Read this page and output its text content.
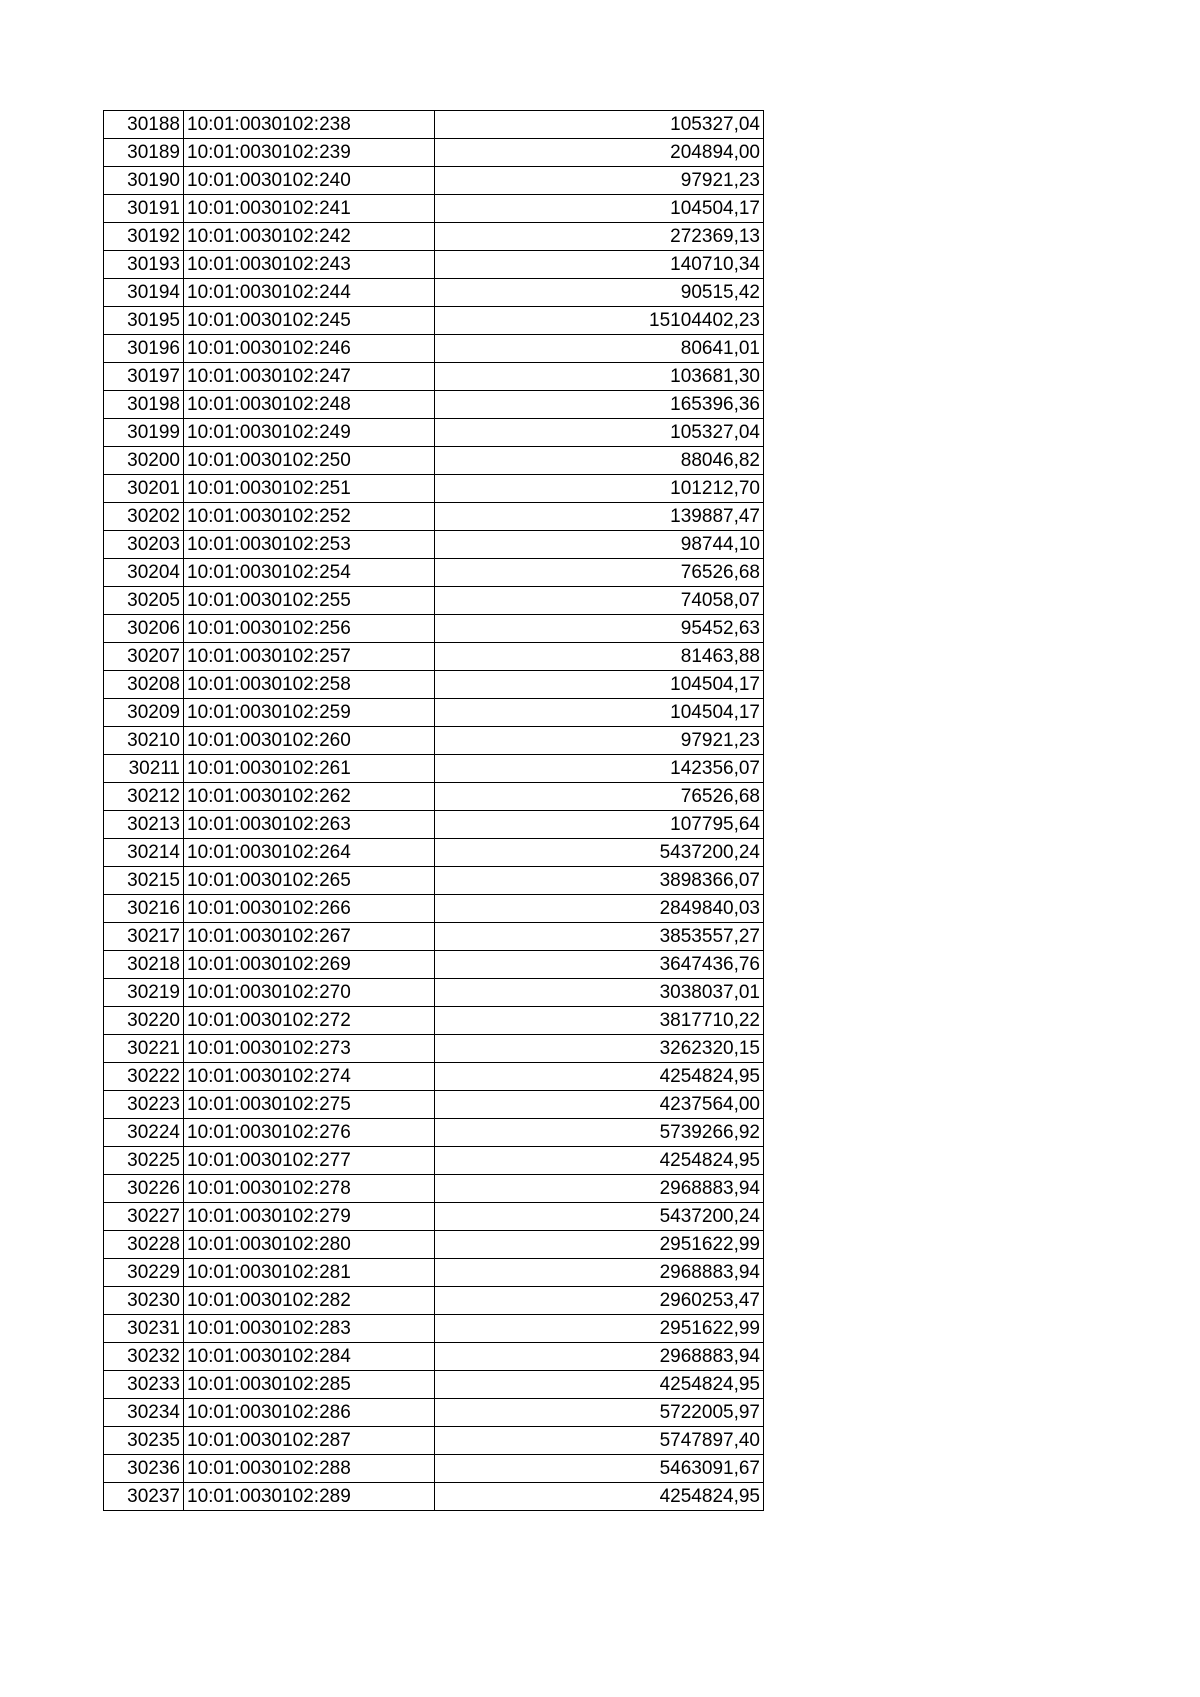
30188	10:01:0030102:238	105327,04
30189	10:01:0030102:239	204894,00
30190	10:01:0030102:240	97921,23
30191	10:01:0030102:241	104504,17
30192	10:01:0030102:242	272369,13
30193	10:01:0030102:243	140710,34
30194	10:01:0030102:244	90515,42
30195	10:01:0030102:245	15104402,23
30196	10:01:0030102:246	80641,01
30197	10:01:0030102:247	103681,30
30198	10:01:0030102:248	165396,36
30199	10:01:0030102:249	105327,04
30200	10:01:0030102:250	88046,82
30201	10:01:0030102:251	101212,70
30202	10:01:0030102:252	139887,47
30203	10:01:0030102:253	98744,10
30204	10:01:0030102:254	76526,68
30205	10:01:0030102:255	74058,07
30206	10:01:0030102:256	95452,63
30207	10:01:0030102:257	81463,88
30208	10:01:0030102:258	104504,17
30209	10:01:0030102:259	104504,17
30210	10:01:0030102:260	97921,23
30211	10:01:0030102:261	142356,07
30212	10:01:0030102:262	76526,68
30213	10:01:0030102:263	107795,64
30214	10:01:0030102:264	5437200,24
30215	10:01:0030102:265	3898366,07
30216	10:01:0030102:266	2849840,03
30217	10:01:0030102:267	3853557,27
30218	10:01:0030102:269	3647436,76
30219	10:01:0030102:270	3038037,01
30220	10:01:0030102:272	3817710,22
30221	10:01:0030102:273	3262320,15
30222	10:01:0030102:274	4254824,95
30223	10:01:0030102:275	4237564,00
30224	10:01:0030102:276	5739266,92
30225	10:01:0030102:277	4254824,95
30226	10:01:0030102:278	2968883,94
30227	10:01:0030102:279	5437200,24
30228	10:01:0030102:280	2951622,99
30229	10:01:0030102:281	2968883,94
30230	10:01:0030102:282	2960253,47
30231	10:01:0030102:283	2951622,99
30232	10:01:0030102:284	2968883,94
30233	10:01:0030102:285	4254824,95
30234	10:01:0030102:286	5722005,97
30235	10:01:0030102:287	5747897,40
30236	10:01:0030102:288	5463091,67
30237	10:01:0030102:289	4254824,95
